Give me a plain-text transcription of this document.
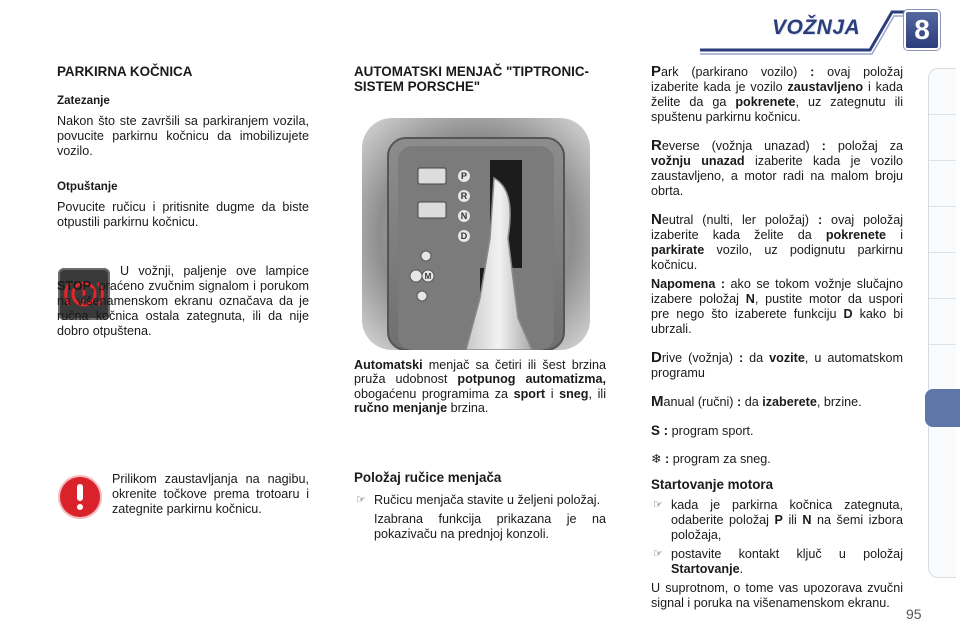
VOŽNJA	8
PARKIRNA KOČNICA
Zatezanje

Nakon što ste završili sa parkiranjem vozila, povucite parkirnu kočnicu da imobilizujete vozilo.

Otpuštanje

Povucite ručicu i pritisnite dugme da biste otpustili parkirnu kočnicu.

U vožnji, paljenje ove lampice STOP, praćeno zvučnim signalom i porukom na višenamenskom ekranu označava da je ručna kočnica ostala zategnuta, ili da nije dobro otpuštena.

Prilikom zaustavljanja na nagibu, okrenite točkove prema trotoaru i zategnite parkirnu kočnicu.

AUTOMATSKI MENJAČ "TIPTRONIC-SISTEM PORSCHE"
P
R
N
D
M

Automatski menjač sa četiri ili šest brzina pruža udobnost potpunog automatizma, obogaćenu programima za sport i sneg, ili ručno menjanje brzina.

Položaj ručice menjača
☞ Ručicu menjača stavite u željeni položaj.
Izabrana funkcija prikazana je na pokazivaču na prednjoj konzoli.

Park (parkirano vozilo) : ovaj položaj izaberite kada je vozilo zaustavljeno i kada želite da ga pokrenete, uz zategnutu ili spuštenu parkirnu kočnicu.

Reverse (vožnja unazad) : položaj za vožnju unazad izaberite kada je vozilo zaustavljeno, a motor radi na malom broju obrta.

Neutral (nulti, ler položaj) : ovaj položaj izaberite kada želite da pokrenete i parkirate vozilo, uz podignutu parkirnu kočnicu.

Napomena : ako se tokom vožnje slučajno izabere položaj N, pustite motor da uspori pre nego što izaberete funkciju D kako bi ubrzali.

Drive (vožnja) : da vozite, u automatskom programu

Manual (ručni) : da izaberete, brzine.

S : program sport.

❄ : program za sneg.

Startovanje motora
☞ kada je parkirna kočnica zategnuta, odaberite položaj P ili N na šemi izbora položaja,
☞ postavite kontakt ključ u položaj Startovanje.

U suprotnom, o tome vas upozorava zvučni signal i poruka na višenamenskom ekranu.

95
